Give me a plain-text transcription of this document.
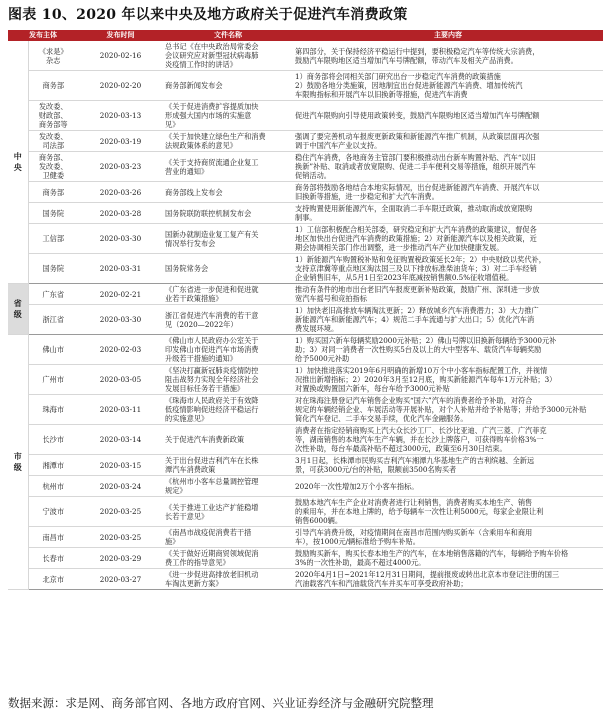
图表 10、2020 年以来中央及地方政府关于促进汽车消费政策
发布主体		发布时间	文件名称	主要内容

中
央	《求是》
杂志	2020-02-16	总书记《在中央政治局常委会
会议研究应对新型冠状病毒肺
炎疫情工作时的讲话》	第四部分，关于保持经济平稳运行中提到，要积极稳定汽车等传统大宗消费，
鼓励汽车限购地区适当增加汽车号牌配额，带动汽车及相关产品消费。

	商务部	2020-02-20	商务部新闻发布会	1）商务部将会同相关部门研究出台一步稳定汽车消费的政策措施
2）鼓励各地分类施策，因地制宜出台促进新能源汽车消费、增加传统汽
车限购指标和开展汽车以旧换新等措施，促进汽车消费

	发改委、
财政部、
商务部等	2020-03-13	《关于促进消费扩容提质加快
形成强大国内市场的实施意
见》	促进汽车限购向引导使用政策转变，鼓励汽车限购地区适当增加汽车号牌配额

	发改委、
司法部	2020-03-19	《关于加快建立绿色生产和消费
法规政策体系的意见》	强调了要完善机动车报废更新政策和新能源汽车推广机制，从政策层面再次强
调于中国汽车产业以支持。

	商务部、
发改委、
卫健委	2020-03-23	《关于支持商贸流通企业复工
营业的通知》	稳住汽车消费，各地商务主管部门要积极推动出台新车购置补贴、汽车“以旧
换新”补贴、取消或者放宽限购、促进二手车便利交易等措施，组织开展汽车
促销活动。

	商务部	2020-03-26	商务部线上发布会	商务部将鼓励各地结合本地实际情况，出台促进新能源汽车消费、开展汽车以
旧换新等措施，进一步稳定和扩大汽车消费。

	国务院	2020-03-28	国务院联防联控机制发布会	支持购置使用新能源汽车，全面取消二手车限迁政策，推动取消或放宽限购
制事。

	工信部	2020-03-30	国新办就制造业复工复产有关
情况举行发布会	1）工信部积极配合相关部委，研究稳定和扩大汽车消费的政策建议，督促各
地区加快出台促进汽车消费的政策措施；2）对新能源汽车以及相关政策，近
期会协调相关部门作出调整，进一步推动汽车产业加快健康发展。

	国务院	2020-03-31	国务院常务会	1）新能源汽车购置税补贴和免征购置税政策延长2年；2）中央财政以奖代补，
支持京津冀等重点地区淘汰国三及以下排放标准柴油货车；3）对二手车经销
企业销售旧车，从5月1日至2023年底减按销售额0.5%征收增值税。

省
级	广东省	2020-02-21	《广东省进一步促进和促进就
业若干政策措施》	推动有条件的地市出台老旧汽车报废更新补贴政策，鼓励广州、深圳进一步放
宽汽车摇号和竞拍指标

	浙江省	2020-03-30	浙江省促进汽车消费的若干意
见（2020—2022年）	1）加快老旧高排放车辆淘汰更新；2）释放城乡汽车消费潜力；3）大力推广
新能源汽车和新能源汽车；4）规范二手车流通与扩大出口；5）优化汽车消
费发展环境。

市
级	佛山市	2020-02-03	《佛山市人民政府办公室关于
印发佛山市促进汽车市场消费
升级若干措施的通知》	1）购买国六新车每辆奖励2000元补贴；2）佛山号牌以旧换新每辆给予3000元补
助；3）对同一消费者一次性购买5台及以上的大中型客车、载货汽车每辆奖励
给予5000元补助

	广州市	2020-03-05	《坚决打赢新冠肺炎疫情防控
阻击战努力实现全年经济社会
发展目标任务若干措施》	1）加快推进落实2019年6月明确的新增10万个中小客车指标配置工作，并视情
况推出新增指标；2）2020年3月至12月底，购买新能源汽车每车1万元补贴；3）
对置换或购置国六新车，每台车给予3000元补贴

	珠海市	2020-03-11	《珠海市人民政府关于有效降
低疫情影响促进经济平稳运行
的实施意见》	对在珠海注册登记汽车销售企业购买“国六”汽车的消费者给予补助，对符合
规定的车辆经销企业、车展活动等开展补贴，对个人补贴并给予补贴等；并给予3000元补贴
简化汽车登记、二手车交易手续，优化汽车金融服务。

	长沙市	2020-03-14	关于促进汽车消费新政策	消费者在指定经销商购买上汽大众长沙工厂、长沙比亚迪、广汽三菱、广汽菲克
等，湖南销售的本地汽车生产车辆，并在长沙上牌落户，可获得购车价格3%一
次性补助，每台车最高补贴不超过3000元，政策至6月30日结束。

	湘潭市	2020-03-15	关于出台促进吉利汽车在长株
潭汽车消费政策	3月1日起，长株潭市民购买吉利汽车湘潭九华基地生产的吉利缤越、全新远
景，可获3000元/台的补贴，限额前3500名购买者

	杭州市	2020-03-24	《杭州市小客车总量调控管理
规定》	2020年一次性增加2万个小客车指标。

	宁波市	2020-03-25	《关于推进工业达产扩能稳增
长若干意见》	鼓励本地汽车生产企业对消费者进行让利销售，消费者购买本地生产、销售
的乘用车，并在本地上牌的，给予每辆车一次性让利5000元，每家企业限让利
销售6000辆。

	南昌市	2020-03-25	《南昌市战疫促消费若干措
施》	引导汽车消费升级，对疫情期间在南昌市范围内购买新车（含乘用车和商用
车），按1000元/辆标准给予购车补贴。

	长春市	2020-03-29	《关于做好近期商贸领域促消
费工作的指导意见》	鼓励购买新车，购买长春本地生产的汽车，在本地销售落籍的汽车，每辆给予购车价格
3%的一次性补助，最高不超过4000元。

	北京市	2020-03-27	《进一步促进高排放老旧机动
车淘汰更新方案》	2020年4月1日~2021年12月31日期间，提前报废或转出北京本市登记注册的国三
汽油载客汽车和汽油载货汽车并买车可享受政府补助；
数据来源：求是网、商务部官网、各地方政府官网、兴业证券经济与金融研究院整理
